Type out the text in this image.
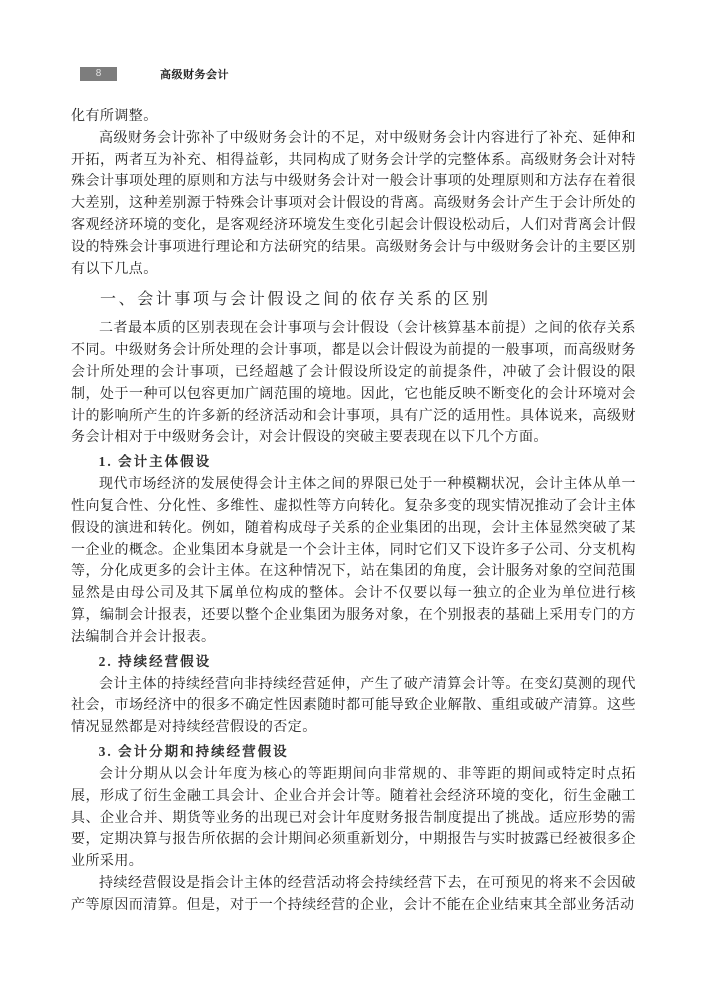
8	高级财务会计

化有所调整。

高级财务会计弥补了中级财务会计的不足，对中级财务会计内容进行了补充、延伸和开拓，两者互为补充、相得益彰，共同构成了财务会计学的完整体系。高级财务会计对特殊会计事项处理的原则和方法与中级财务会计对一般会计事项的处理原则和方法存在着很大差别，这种差别源于特殊会计事项对会计假设的背离。高级财务会计产生于会计所处的客观经济环境的变化，是客观经济环境发生变化引起会计假设松动后，人们对背离会计假设的特殊会计事项进行理论和方法研究的结果。高级财务会计与中级财务会计的主要区别有以下几点。

一、会计事项与会计假设之间的依存关系的区别

二者最本质的区别表现在会计事项与会计假设（会计核算基本前提）之间的依存关系不同。中级财务会计所处理的会计事项，都是以会计假设为前提的一般事项，而高级财务会计所处理的会计事项，已经超越了会计假设所设定的前提条件，冲破了会计假设的限制，处于一种可以包容更加广阔范围的境地。因此，它也能反映不断变化的会计环境对会计的影响所产生的许多新的经济活动和会计事项，具有广泛的适用性。具体说来，高级财务会计相对于中级财务会计，对会计假设的突破主要表现在以下几个方面。

1. 会计主体假设

现代市场经济的发展使得会计主体之间的界限已处于一种模糊状况，会计主体从单一性向复合性、分化性、多维性、虚拟性等方向转化。复杂多变的现实情况推动了会计主体假设的演进和转化。例如，随着构成母子关系的企业集团的出现，会计主体显然突破了某一企业的概念。企业集团本身就是一个会计主体，同时它们又下设许多子公司、分支机构等，分化成更多的会计主体。在这种情况下，站在集团的角度，会计服务对象的空间范围显然是由母公司及其下属单位构成的整体。会计不仅要以每一独立的企业为单位进行核算，编制会计报表，还要以整个企业集团为服务对象，在个别报表的基础上采用专门的方法编制合并会计报表。

2. 持续经营假设

会计主体的持续经营向非持续经营延伸，产生了破产清算会计等。在变幻莫测的现代社会，市场经济中的很多不确定性因素随时都可能导致企业解散、重组或破产清算。这些情况显然都是对持续经营假设的否定。

3. 会计分期和持续经营假设

会计分期从以会计年度为核心的等距期间向非常规的、非等距的期间或特定时点拓展，形成了衍生金融工具会计、企业合并会计等。随着社会经济环境的变化，衍生金融工具、企业合并、期货等业务的出现已对会计年度财务报告制度提出了挑战。适应形势的需要，定期决算与报告所依据的会计期间必须重新划分，中期报告与实时披露已经被很多企业所采用。

持续经营假设是指会计主体的经营活动将会持续经营下去，在可预见的将来不会因破产等原因而清算。但是，对于一个持续经营的企业，会计不能在企业结束其全部业务活动
